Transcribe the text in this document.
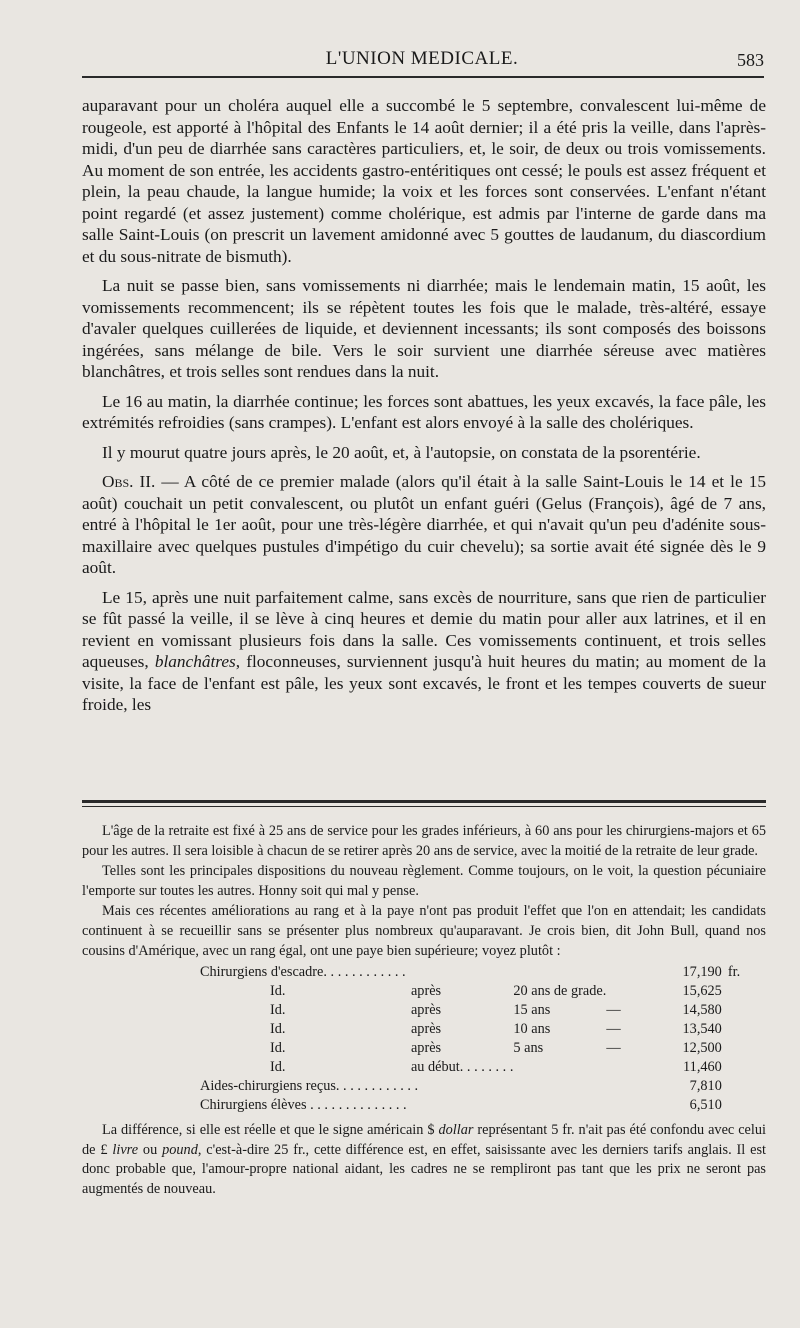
L'UNION MEDICALE.	583

auparavant pour un choléra auquel elle a succombé le 5 septembre, convalescent lui-même de rougeole, est apporté à l'hôpital des Enfants le 14 août dernier; il a été pris la veille, dans l'après-midi, d'un peu de diarrhée sans caractères particuliers, et, le soir, de deux ou trois vomissements. Au moment de son entrée, les accidents gastro-entéritiques ont cessé; le pouls est assez fréquent et plein, la peau chaude, la langue humide; la voix et les forces sont conservées. L'enfant n'étant point regardé (et assez justement) comme cholérique, est admis par l'interne de garde dans ma salle Saint-Louis (on prescrit un lavement amidonné avec 5 gouttes de laudanum, du diascordium et du sous-nitrate de bismuth).

La nuit se passe bien, sans vomissements ni diarrhée; mais le lendemain matin, 15 août, les vomissements recommencent; ils se répètent toutes les fois que le malade, très-altéré, essaye d'avaler quelques cuillerées de liquide, et deviennent incessants; ils sont composés des boissons ingérées, sans mélange de bile. Vers le soir survient une diarrhée séreuse avec matières blanchâtres, et trois selles sont rendues dans la nuit.

Le 16 au matin, la diarrhée continue; les forces sont abattues, les yeux excavés, la face pâle, les extrémités refroidies (sans crampes). L'enfant est alors envoyé à la salle des cholériques.

Il y mourut quatre jours après, le 20 août, et, à l'autopsie, on constata de la psorentérie.

Obs. II. — A côté de ce premier malade (alors qu'il était à la salle Saint-Louis le 14 et le 15 août) couchait un petit convalescent, ou plutôt un enfant guéri (Gelus (François), âgé de 7 ans, entré à l'hôpital le 1er août, pour une très-légère diarrhée, et qui n'avait qu'un peu d'adénite sous-maxillaire avec quelques pustules d'impétigo du cuir chevelu); sa sortie avait été signée dès le 9 août.

Le 15, après une nuit parfaitement calme, sans excès de nourriture, sans que rien de particulier se fût passé la veille, il se lève à cinq heures et demie du matin pour aller aux latrines, et il en revient en vomissant plusieurs fois dans la salle. Ces vomissements continuent, et trois selles aqueuses, blanchâtres, floconneuses, surviennent jusqu'à huit heures du matin; au moment de la visite, la face de l'enfant est pâle, les yeux sont excavés, le front et les tempes couverts de sueur froide, les

L'âge de la retraite est fixé à 25 ans de service pour les grades inférieurs, à 60 ans pour les chirurgiens-majors et 65 pour les autres. Il sera loisible à chacun de se retirer après 20 ans de service, avec la moitié de la retraite de leur grade.

Telles sont les principales dispositions du nouveau règlement. Comme toujours, on le voit, la question pécuniaire l'emporte sur toutes les autres. Honny soit qui mal y pense.

Mais ces récentes améliorations au rang et à la paye n'ont pas produit l'effet que l'on en attendait; les candidats continuent à se recueillir sans se présenter plus nombreux qu'auparavant. Je crois bien, dit John Bull, quand nos cousins d'Amérique, avec un rang égal, ont une paye bien supérieure; voyez plutôt :

Chirurgiens d'escadre. . . . . . . . . . . .				17,190	fr.
Id.	après	20 ans de grade.		15,625	
Id.	après	15 ans	—	14,580	
Id.	après	10 ans	—	13,540	
Id.	après	5 ans	—	12,500	
Id.	au début. . . . . . . .			11,460	
Aides-chirurgiens reçus. . . . . . . . . . . .				7,810	
Chirurgiens élèves . . . . . . . . . . . . . .				6,510	

La différence, si elle est réelle et que le signe américain $ dollar représentant 5 fr. n'ait pas été confondu avec celui de £ livre ou pound, c'est-à-dire 25 fr., cette différence est, en effet, saisissante avec les derniers tarifs anglais. Il est donc probable que, l'amour-propre national aidant, les cadres ne se rempliront pas tant que les prix ne seront pas augmentés de nouveau.
